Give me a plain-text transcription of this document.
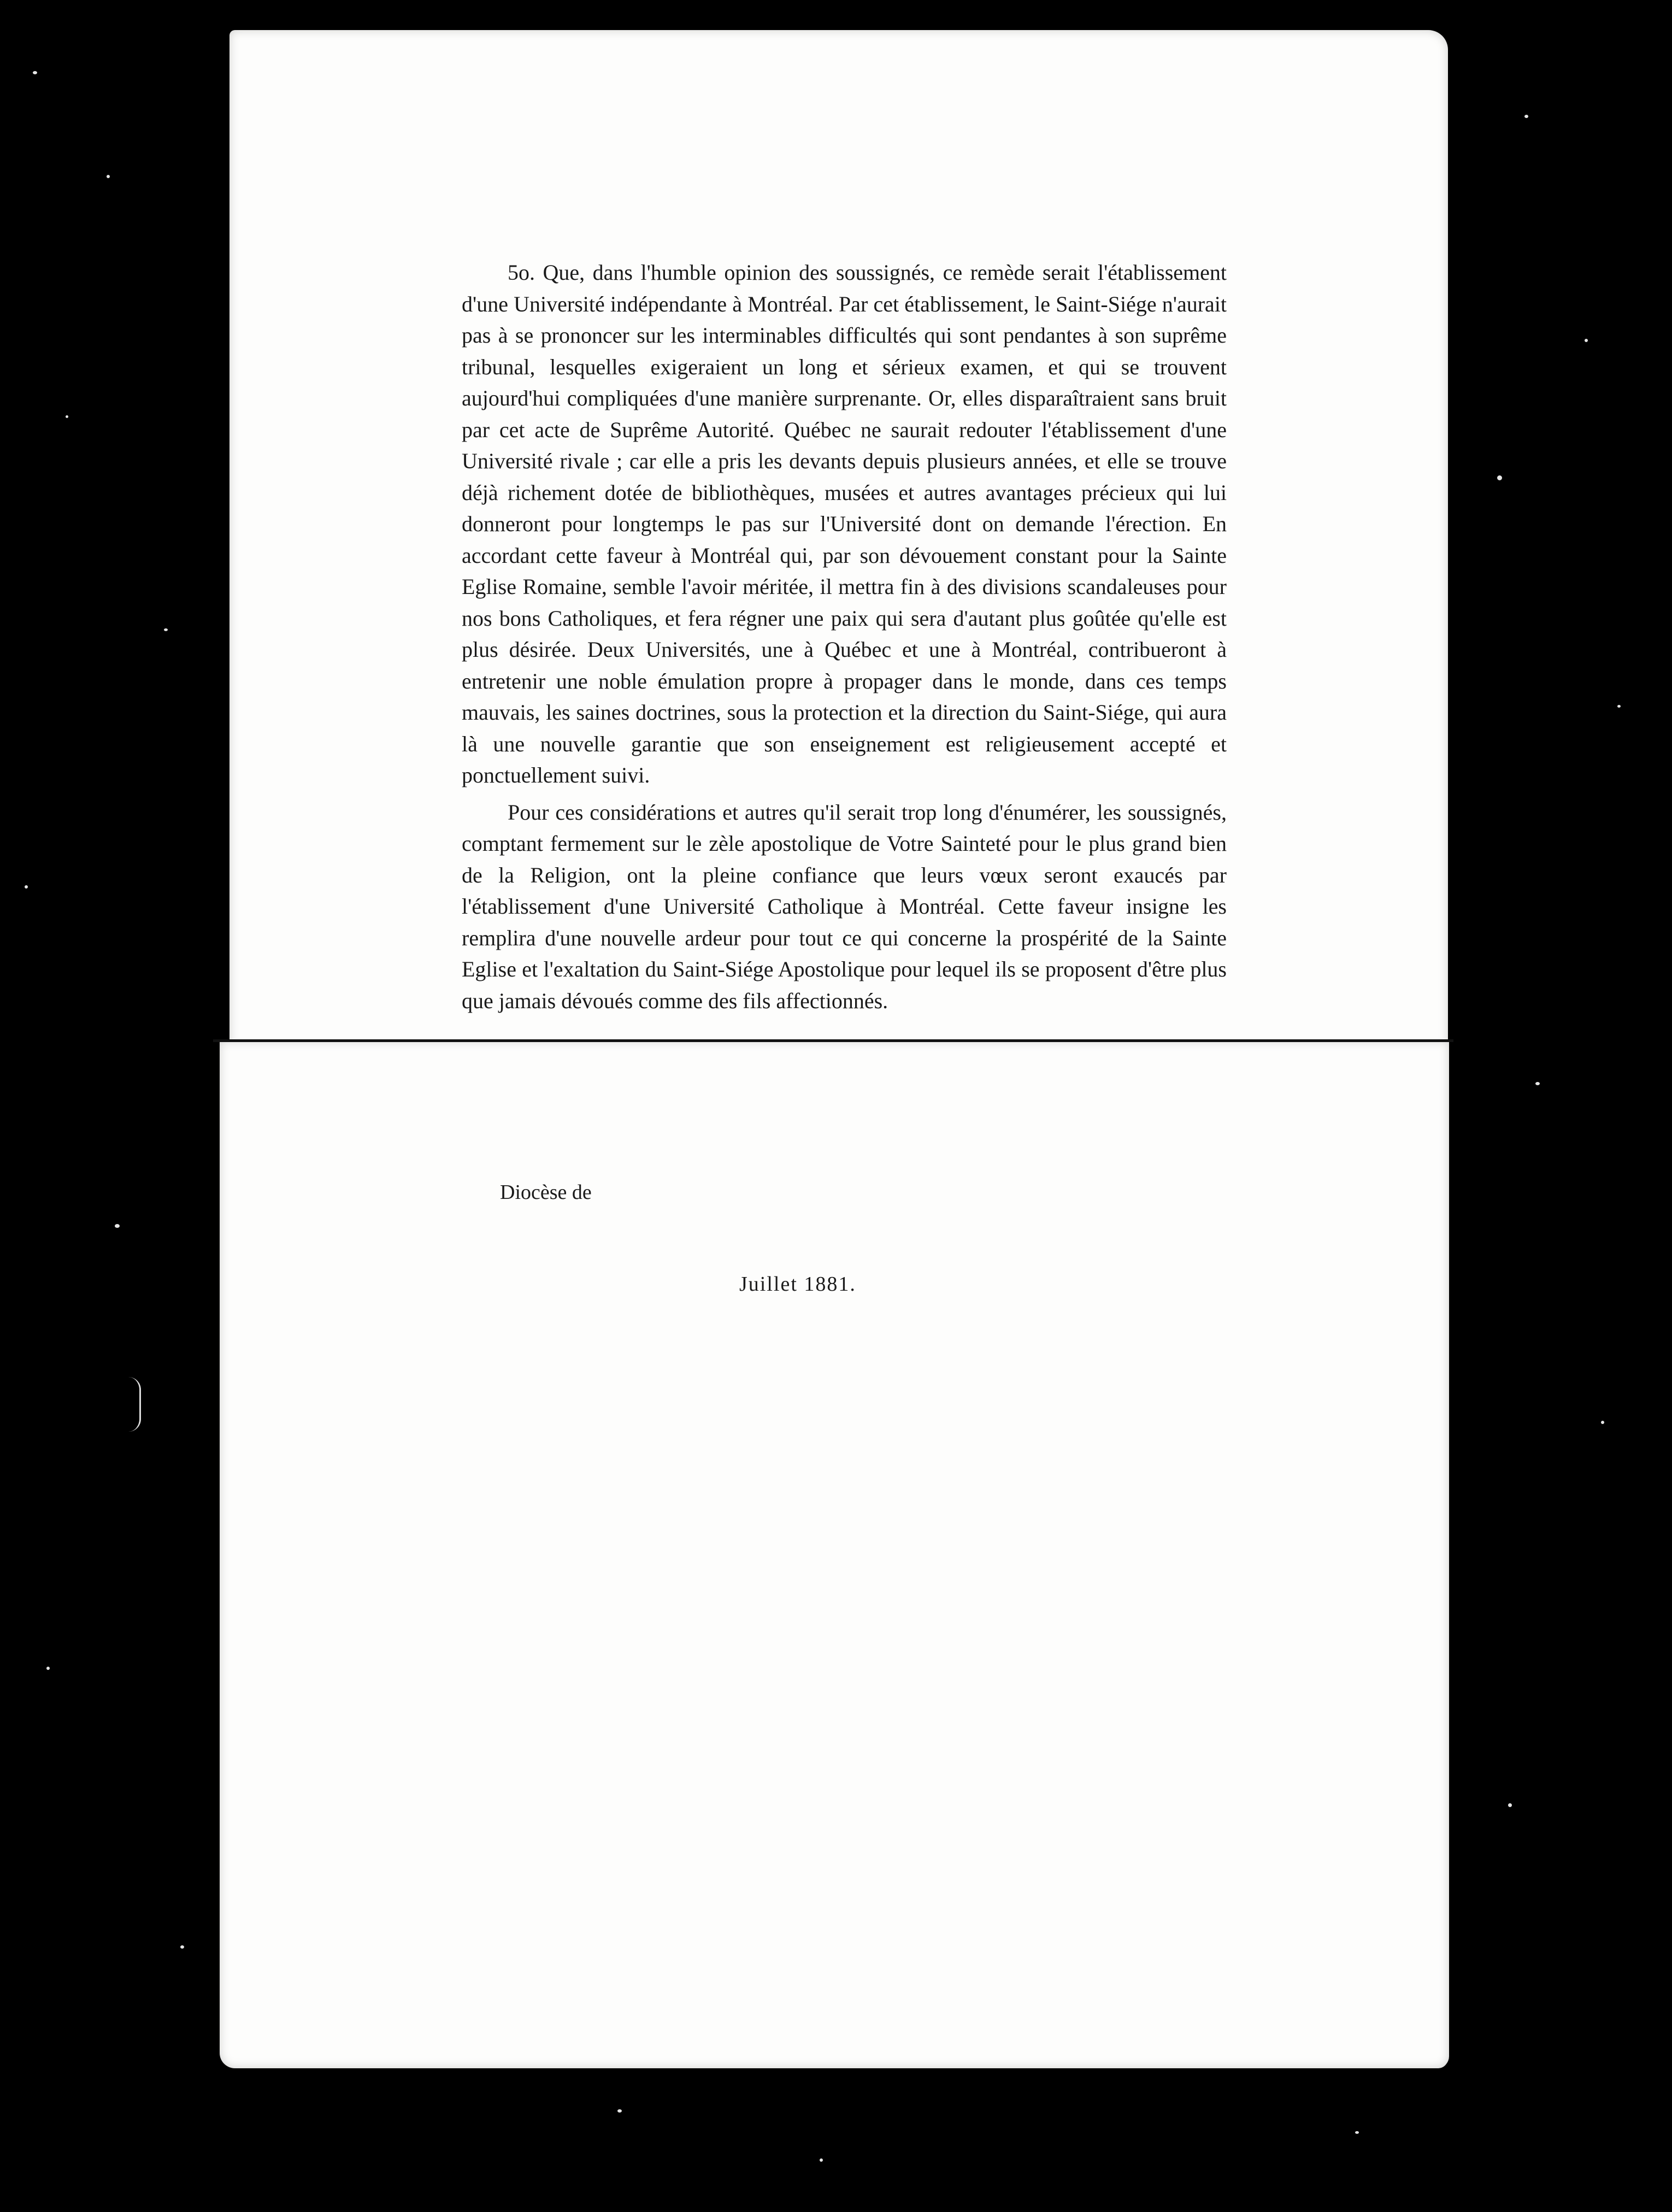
5o. Que, dans l'humble opinion des soussignés, ce remède serait l'établissement d'une Université indépendante à Montréal. Par cet établissement, le Saint-Siége n'aurait pas à se prononcer sur les interminables difficultés qui sont pendantes à son suprême tribunal, lesquelles exigeraient un long et sérieux examen, et qui se trouvent aujourd'hui compliquées d'une manière surprenante. Or, elles disparaîtraient sans bruit par cet acte de Suprême Autorité. Québec ne saurait redouter l'établissement d'une Université rivale ; car elle a pris les devants depuis plusieurs années, et elle se trouve déjà richement dotée de bibliothèques, musées et autres avantages précieux qui lui donneront pour longtemps le pas sur l'Université dont on demande l'érection. En accordant cette faveur à Montréal qui, par son dévouement constant pour la Sainte Eglise Romaine, semble l'avoir méritée, il mettra fin à des divisions scandaleuses pour nos bons Catholiques, et fera régner une paix qui sera d'autant plus goûtée qu'elle est plus désirée. Deux Universités, une à Québec et une à Montréal, contribueront à entretenir une noble émulation propre à propager dans le monde, dans ces temps mauvais, les saines doctrines, sous la protection et la direction du Saint-Siége, qui aura là une nouvelle garantie que son enseignement est religieusement accepté et ponctuellement suivi.

Pour ces considérations et autres qu'il serait trop long d'énumérer, les soussignés, comptant fermement sur le zèle apostolique de Votre Sainteté pour le plus grand bien de la Religion, ont la pleine confiance que leurs vœux seront exaucés par l'établissement d'une Université Catholique à Montréal. Cette faveur insigne les remplira d'une nouvelle ardeur pour tout ce qui concerne la prospérité de la Sainte Eglise et l'exaltation du Saint-Siége Apostolique pour lequel ils se proposent d'être plus que jamais dévoués comme des fils affectionnés.

Diocèse de
Juillet 1881.
